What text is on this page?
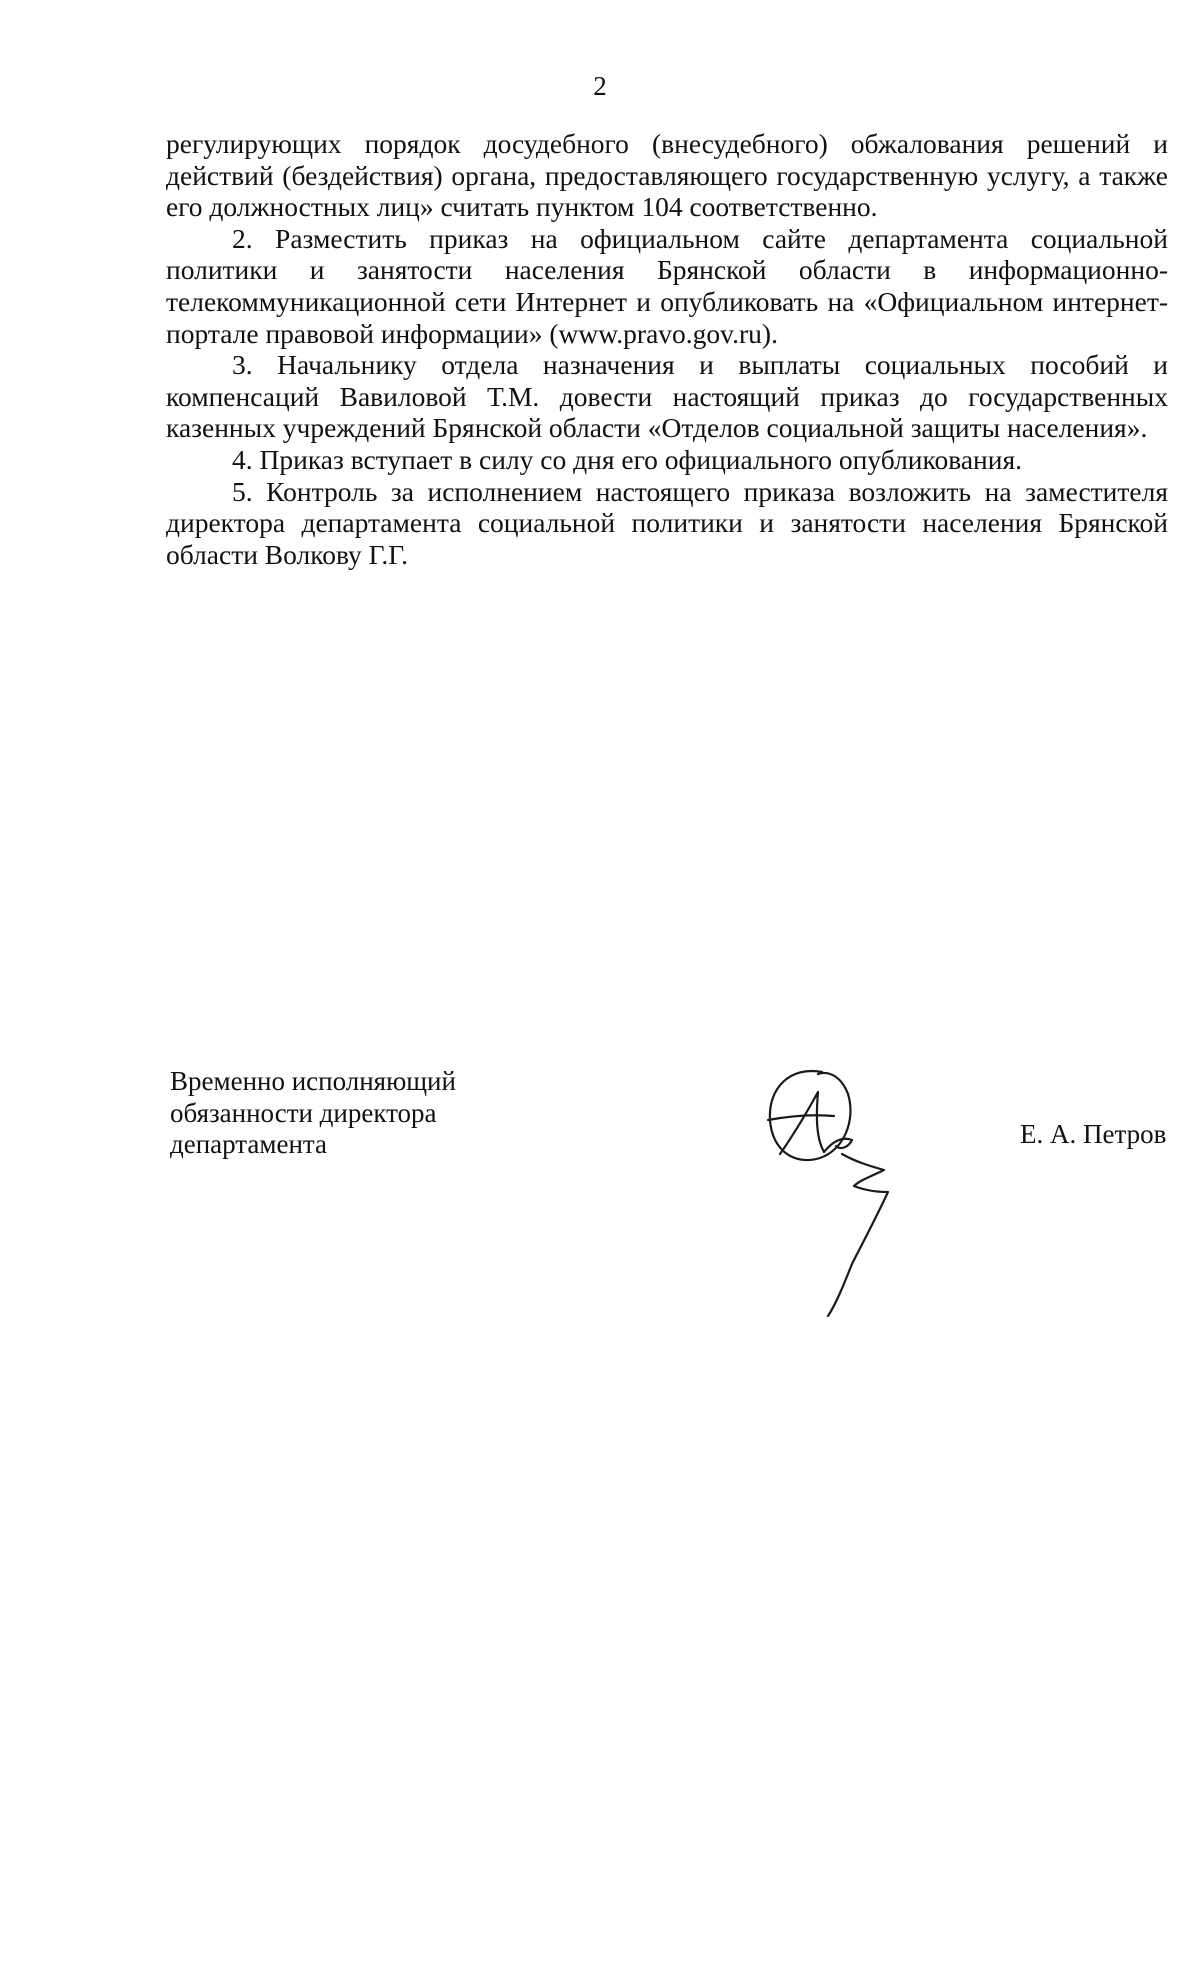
2

регулирующих порядок досудебного (внесудебного) обжалования решений и действий (бездействия) органа, предоставляющего государственную услугу, а также его должностных лиц» считать пунктом 104 соответственно.

2. Разместить приказ на официальном сайте департамента социальной политики и занятости населения Брянской области в информационно-телекоммуникационной сети Интернет и опубликовать на «Официальном интернет-портале правовой информации» (www.pravo.gov.ru).

3. Начальнику отдела назначения и выплаты социальных пособий и компенсаций Вавиловой Т.М. довести настоящий приказ до государственных казенных учреждений Брянской области «Отделов социальной защиты населения».

4. Приказ вступает в силу со дня его официального опубликования.

5. Контроль за исполнением настоящего приказа возложить на заместителя директора департамента социальной политики и занятости населения Брянской области Волкову Г.Г.

Временно исполняющий
обязанности директора
департамента	Е. А. Петров
